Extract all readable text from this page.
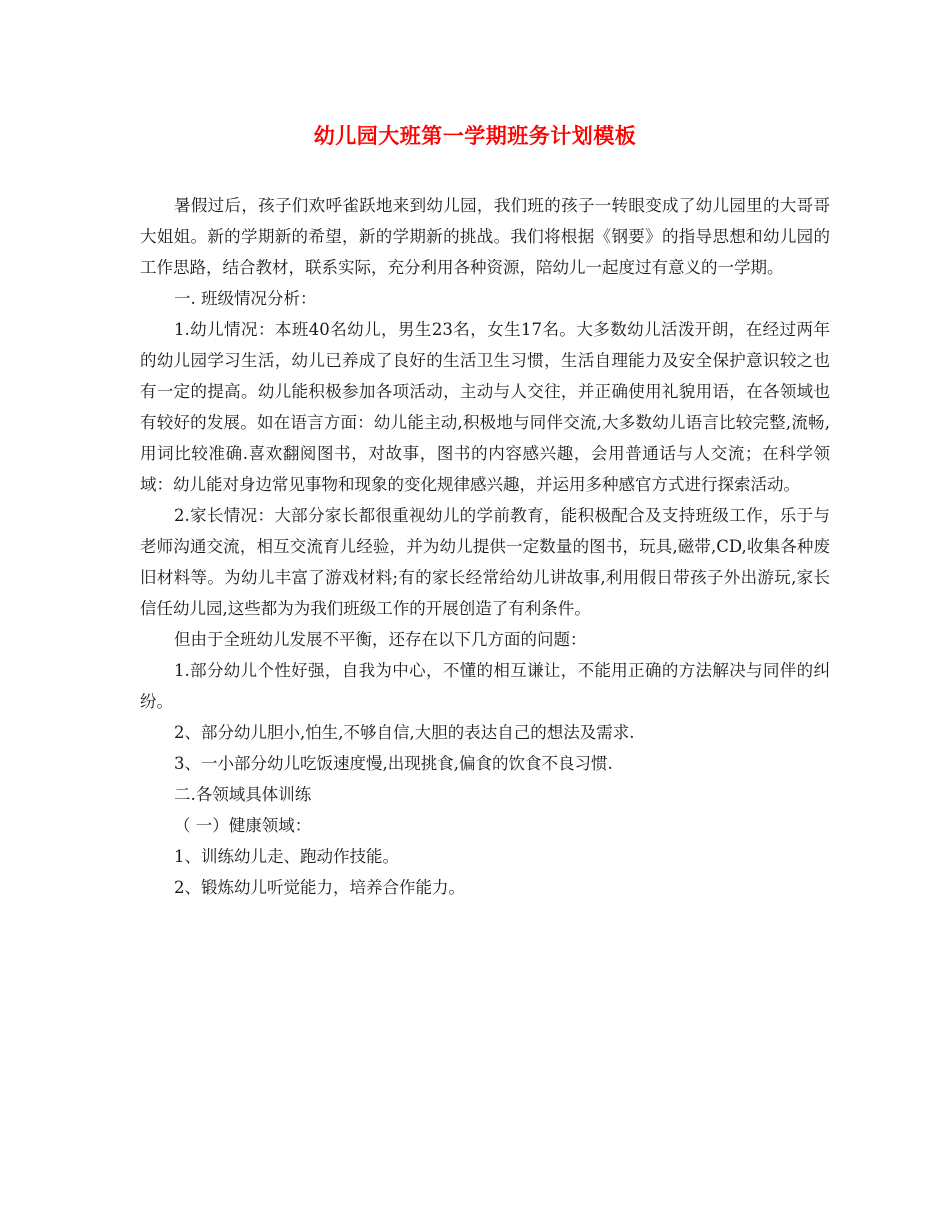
幼儿园大班第一学期班务计划模板

暑假过后，孩子们欢呼雀跃地来到幼儿园，我们班的孩子一转眼变成了幼儿园里的大哥哥大姐姐。新的学期新的希望，新的学期新的挑战。我们将根据《钢要》的指导思想和幼儿园的工作思路，结合教材，联系实际，充分利用各种资源，陪幼儿一起度过有意义的一学期。

一. 班级情况分析：

1.幼儿情况：本班40名幼儿，男生23名，女生17名。大多数幼儿活泼开朗，在经过两年的幼儿园学习生活，幼儿已养成了良好的生活卫生习惯，生活自理能力及安全保护意识较之也有一定的提高。幼儿能积极参加各项活动，主动与人交往，并正确使用礼貌用语，在各领域也有较好的发展。如在语言方面：幼儿能主动,积极地与同伴交流,大多数幼儿语言比较完整,流畅,用词比较准确.喜欢翻阅图书，对故事，图书的内容感兴趣，会用普通话与人交流；在科学领域：幼儿能对身边常见事物和现象的变化规律感兴趣，并运用多种感官方式进行探索活动。

2.家长情况：大部分家长都很重视幼儿的学前教育，能积极配合及支持班级工作，乐于与老师沟通交流，相互交流育儿经验，并为幼儿提供一定数量的图书，玩具,磁带,CD,收集各种废旧材料等。为幼儿丰富了游戏材料;有的家长经常给幼儿讲故事,利用假日带孩子外出游玩,家长信任幼儿园,这些都为为我们班级工作的开展创造了有利条件。

但由于全班幼儿发展不平衡，还存在以下几方面的问题：

1.部分幼儿个性好强，自我为中心，不懂的相互谦让，不能用正确的方法解决与同伴的纠纷。

2、部分幼儿胆小,怕生,不够自信,大胆的表达自己的想法及需求.

3、一小部分幼儿吃饭速度慢,出现挑食,偏食的饮食不良习惯.

二.各领域具体训练

（ 一）健康领域：

1、训练幼儿走、跑动作技能。

2、锻炼幼儿听觉能力，培养合作能力。
